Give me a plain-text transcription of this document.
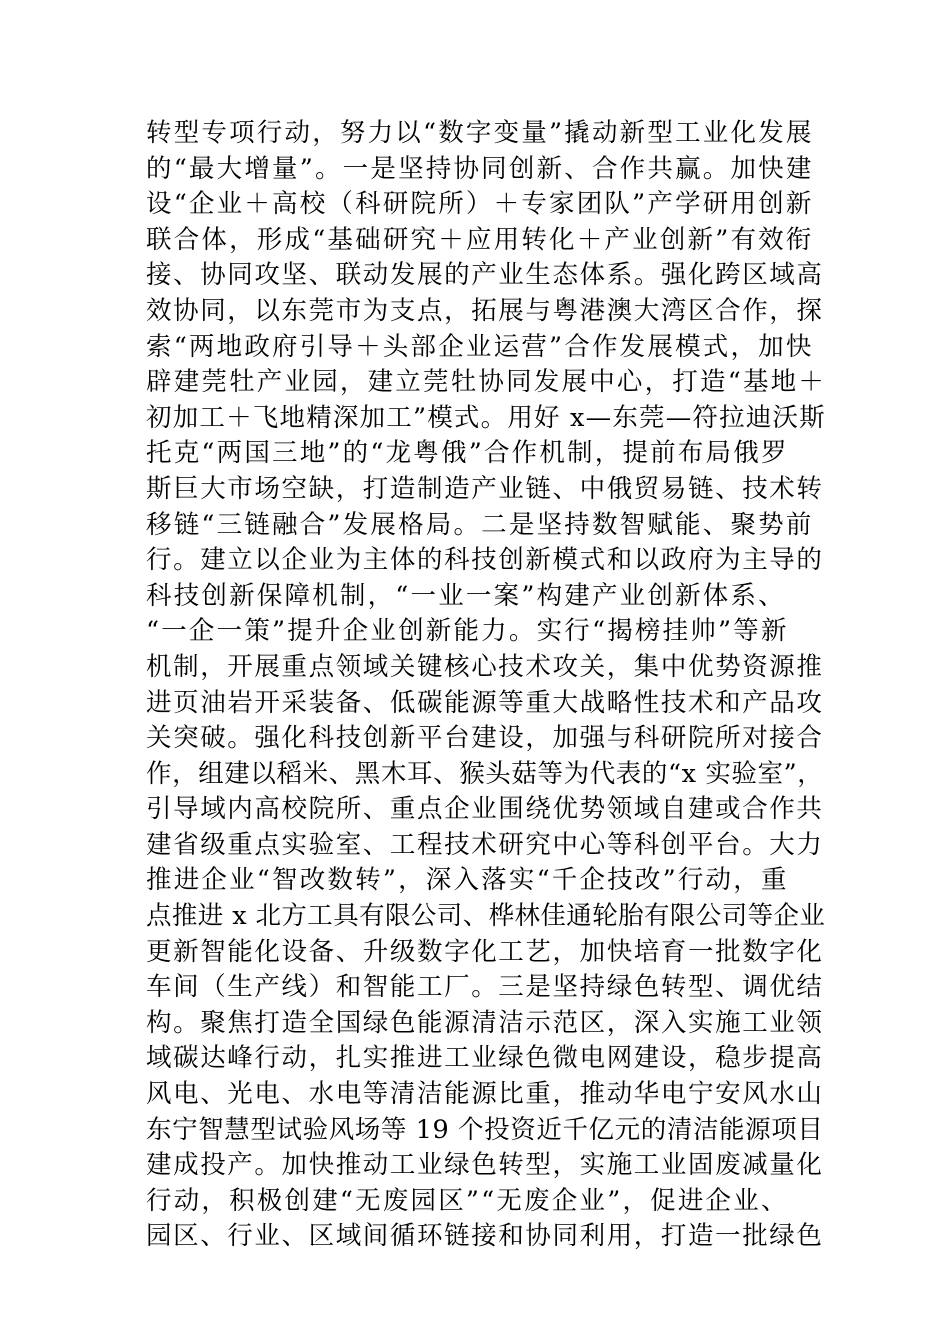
转型专项行动，努力以“数字变量”撬动新型工业化发展
的“最大增量”。一是坚持协同创新、合作共赢。加快建
设“企业＋高校（科研院所）＋专家团队”产学研用创新
联合体，形成“基础研究＋应用转化＋产业创新”有效衔
接、协同攻坚、联动发展的产业生态体系。强化跨区域高
效协同，以东莞市为支点，拓展与粤港澳大湾区合作，探
索“两地政府引导＋头部企业运营”合作发展模式，加快
辟建莞牡产业园，建立莞牡协同发展中心，打造“基地＋
初加工＋飞地精深加工”模式。用好 x—东莞—符拉迪沃斯
托克“两国三地”的“龙粤俄”合作机制，提前布局俄罗
斯巨大市场空缺，打造制造产业链、中俄贸易链、技术转
移链“三链融合”发展格局。二是坚持数智赋能、聚势前
行。建立以企业为主体的科技创新模式和以政府为主导的
科技创新保障机制，“一业一案”构建产业创新体系、
“一企一策”提升企业创新能力。实行“揭榜挂帅”等新
机制，开展重点领域关键核心技术攻关，集中优势资源推
进页油岩开采装备、低碳能源等重大战略性技术和产品攻
关突破。强化科技创新平台建设，加强与科研院所对接合
作，组建以稻米、黑木耳、猴头菇等为代表的“x 实验室”，
引导域内高校院所、重点企业围绕优势领域自建或合作共
建省级重点实验室、工程技术研究中心等科创平台。大力
推进企业“智改数转”，深入落实“千企技改”行动，重
点推进 x 北方工具有限公司、桦林佳通轮胎有限公司等企业
更新智能化设备、升级数字化工艺，加快培育一批数字化
车间（生产线）和智能工厂。三是坚持绿色转型、调优结
构。聚焦打造全国绿色能源清洁示范区，深入实施工业领
域碳达峰行动，扎实推进工业绿色微电网建设，稳步提高
风电、光电、水电等清洁能源比重，推动华电宁安风水山
东宁智慧型试验风场等 19 个投资近千亿元的清洁能源项目
建成投产。加快推动工业绿色转型，实施工业固废减量化
行动，积极创建“无废园区”“无废企业”，促进企业、
园区、行业、区域间循环链接和协同利用，打造一批绿色
